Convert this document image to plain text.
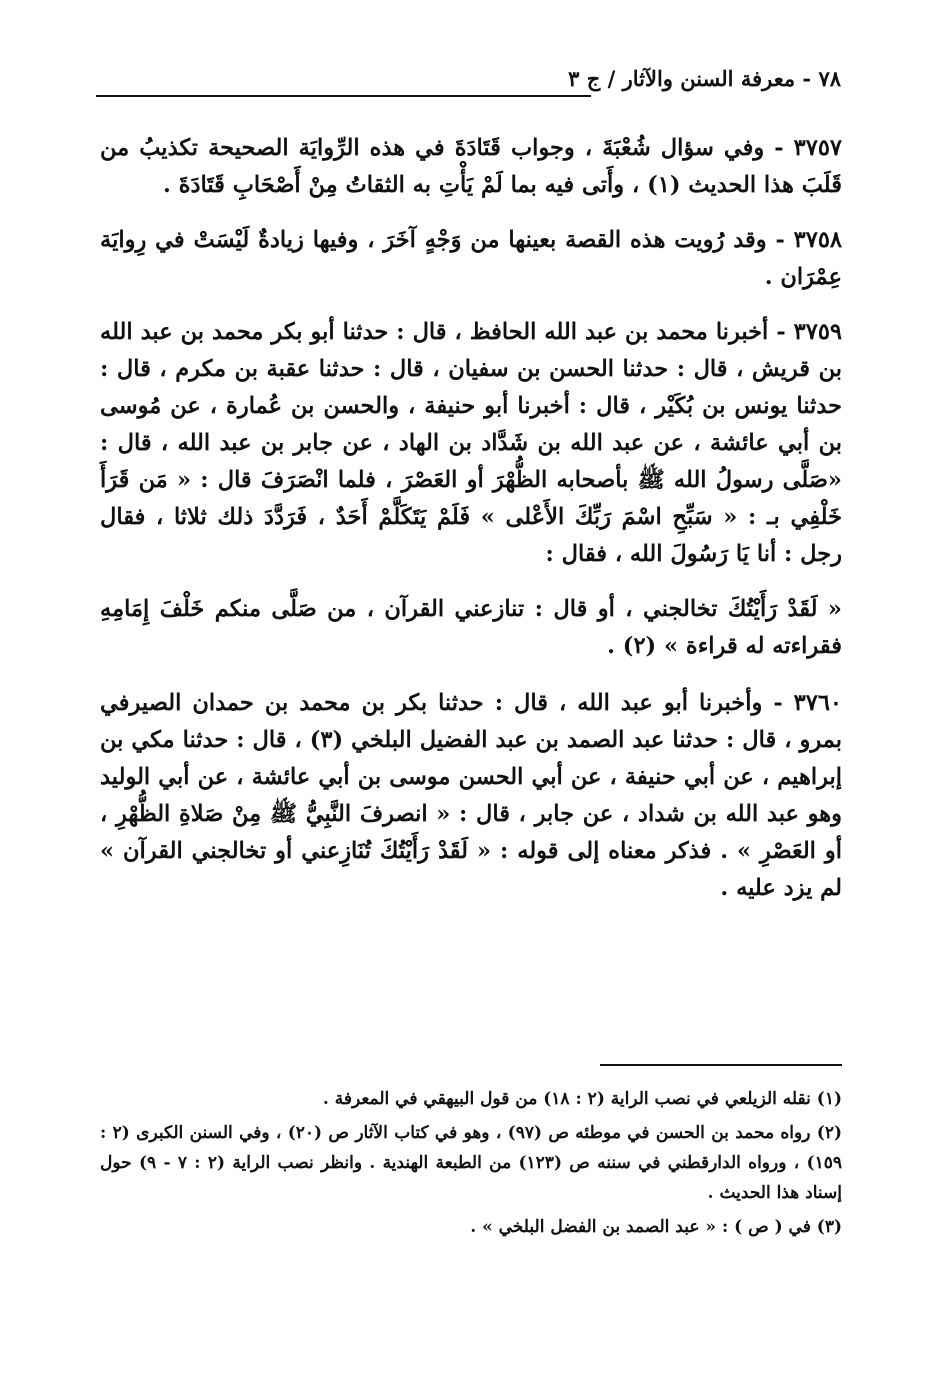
٧٨ - معرفة السنن والآثار / ج ٣

٣٧٥٧ - وفي سؤال شُعْبَةَ ، وجواب قَتَادَةَ في هذه الرِّوايَة الصحيحة تكذيبُ من قَلَبَ هذا الحديث (١) ، وأَتى فيه بما لَمْ يَأْتِ به الثقاتُ مِنْ أَصْحَابِ قَتَادَةَ .

٣٧٥٨ - وقد رُويت هذه القصة بعينها من وَجْهٍ آخَرَ ، وفيها زيادةٌ لَيْسَتْ في رِوايَة عِمْرَان .

٣٧٥٩ - أخبرنا محمد بن عبد الله الحافظ ، قال : حدثنا أبو بكر محمد بن عبد الله بن قريش ، قال : حدثنا الحسن بن سفيان ، قال : حدثنا عقبة بن مكرم ، قال : حدثنا يونس بن بُكَيْر ، قال : أخبرنا أبو حنيفة ، والحسن بن عُمارة ، عن مُوسى بن أبي عائشة ، عن عبد الله بن شَدَّاد بن الهاد ، عن جابر بن عبد الله ، قال : «صَلَّى رسولُ الله ﷺ بأصحابه الظُّهْرَ أو العَصْرَ ، فلما انْصَرَفَ قال : « مَن قَرَأَ خَلْفِي بـ : « سَبِّحِ اسْمَ رَبِّكَ الأَعْلى » فَلَمْ يَتَكَلَّمْ أَحَدٌ ، فَرَدَّدَ ذلك ثلاثا ، فقال رجل : أنا يَا رَسُولَ الله ، فقال :

« لَقَدْ رَأَيْتُكَ تخالجني ، أو قال : تنازعني القرآن ، من صَلَّى منكم خَلْفَ إِمَامِهِ فقراءته له قراءة » (٢) .

٣٧٦٠ - وأخبرنا أبو عبد الله ، قال : حدثنا بكر بن محمد بن حمدان الصيرفي بمرو ، قال : حدثنا عبد الصمد بن عبد الفضيل البلخي (٣) ، قال : حدثنا مكي بن إبراهيم ، عن أبي حنيفة ، عن أبي الحسن موسى بن أبي عائشة ، عن أبي الوليد وهو عبد الله بن شداد ، عن جابر ، قال : « انصرفَ النَّبِيُّ ﷺ مِنْ صَلاةِ الظُّهْرِ ، أو العَصْرِ » . فذكر معناه إلى قوله : « لَقَدْ رَأَيْتُكَ تُنَازِعني أو تخالجني القرآن » لم يزد عليه .

(١) نقله الزيلعي في نصب الراية (٢ : ١٨) من قول البيهقي في المعرفة .

(٢) رواه محمد بن الحسن في موطئه ص (٩٧) ، وهو في كتاب الآثار ص (٢٠) ، وفي السنن الكبرى (٢ : ١٥٩) ، ورواه الدارقطني في سننه ص (١٢٣) من الطبعة الهندية . وانظر نصب الراية (٢ : ٧ - ٩) حول إسناد هذا الحديث .

(٣) في ( ص ) : « عبد الصمد بن الفضل البلخي » .
